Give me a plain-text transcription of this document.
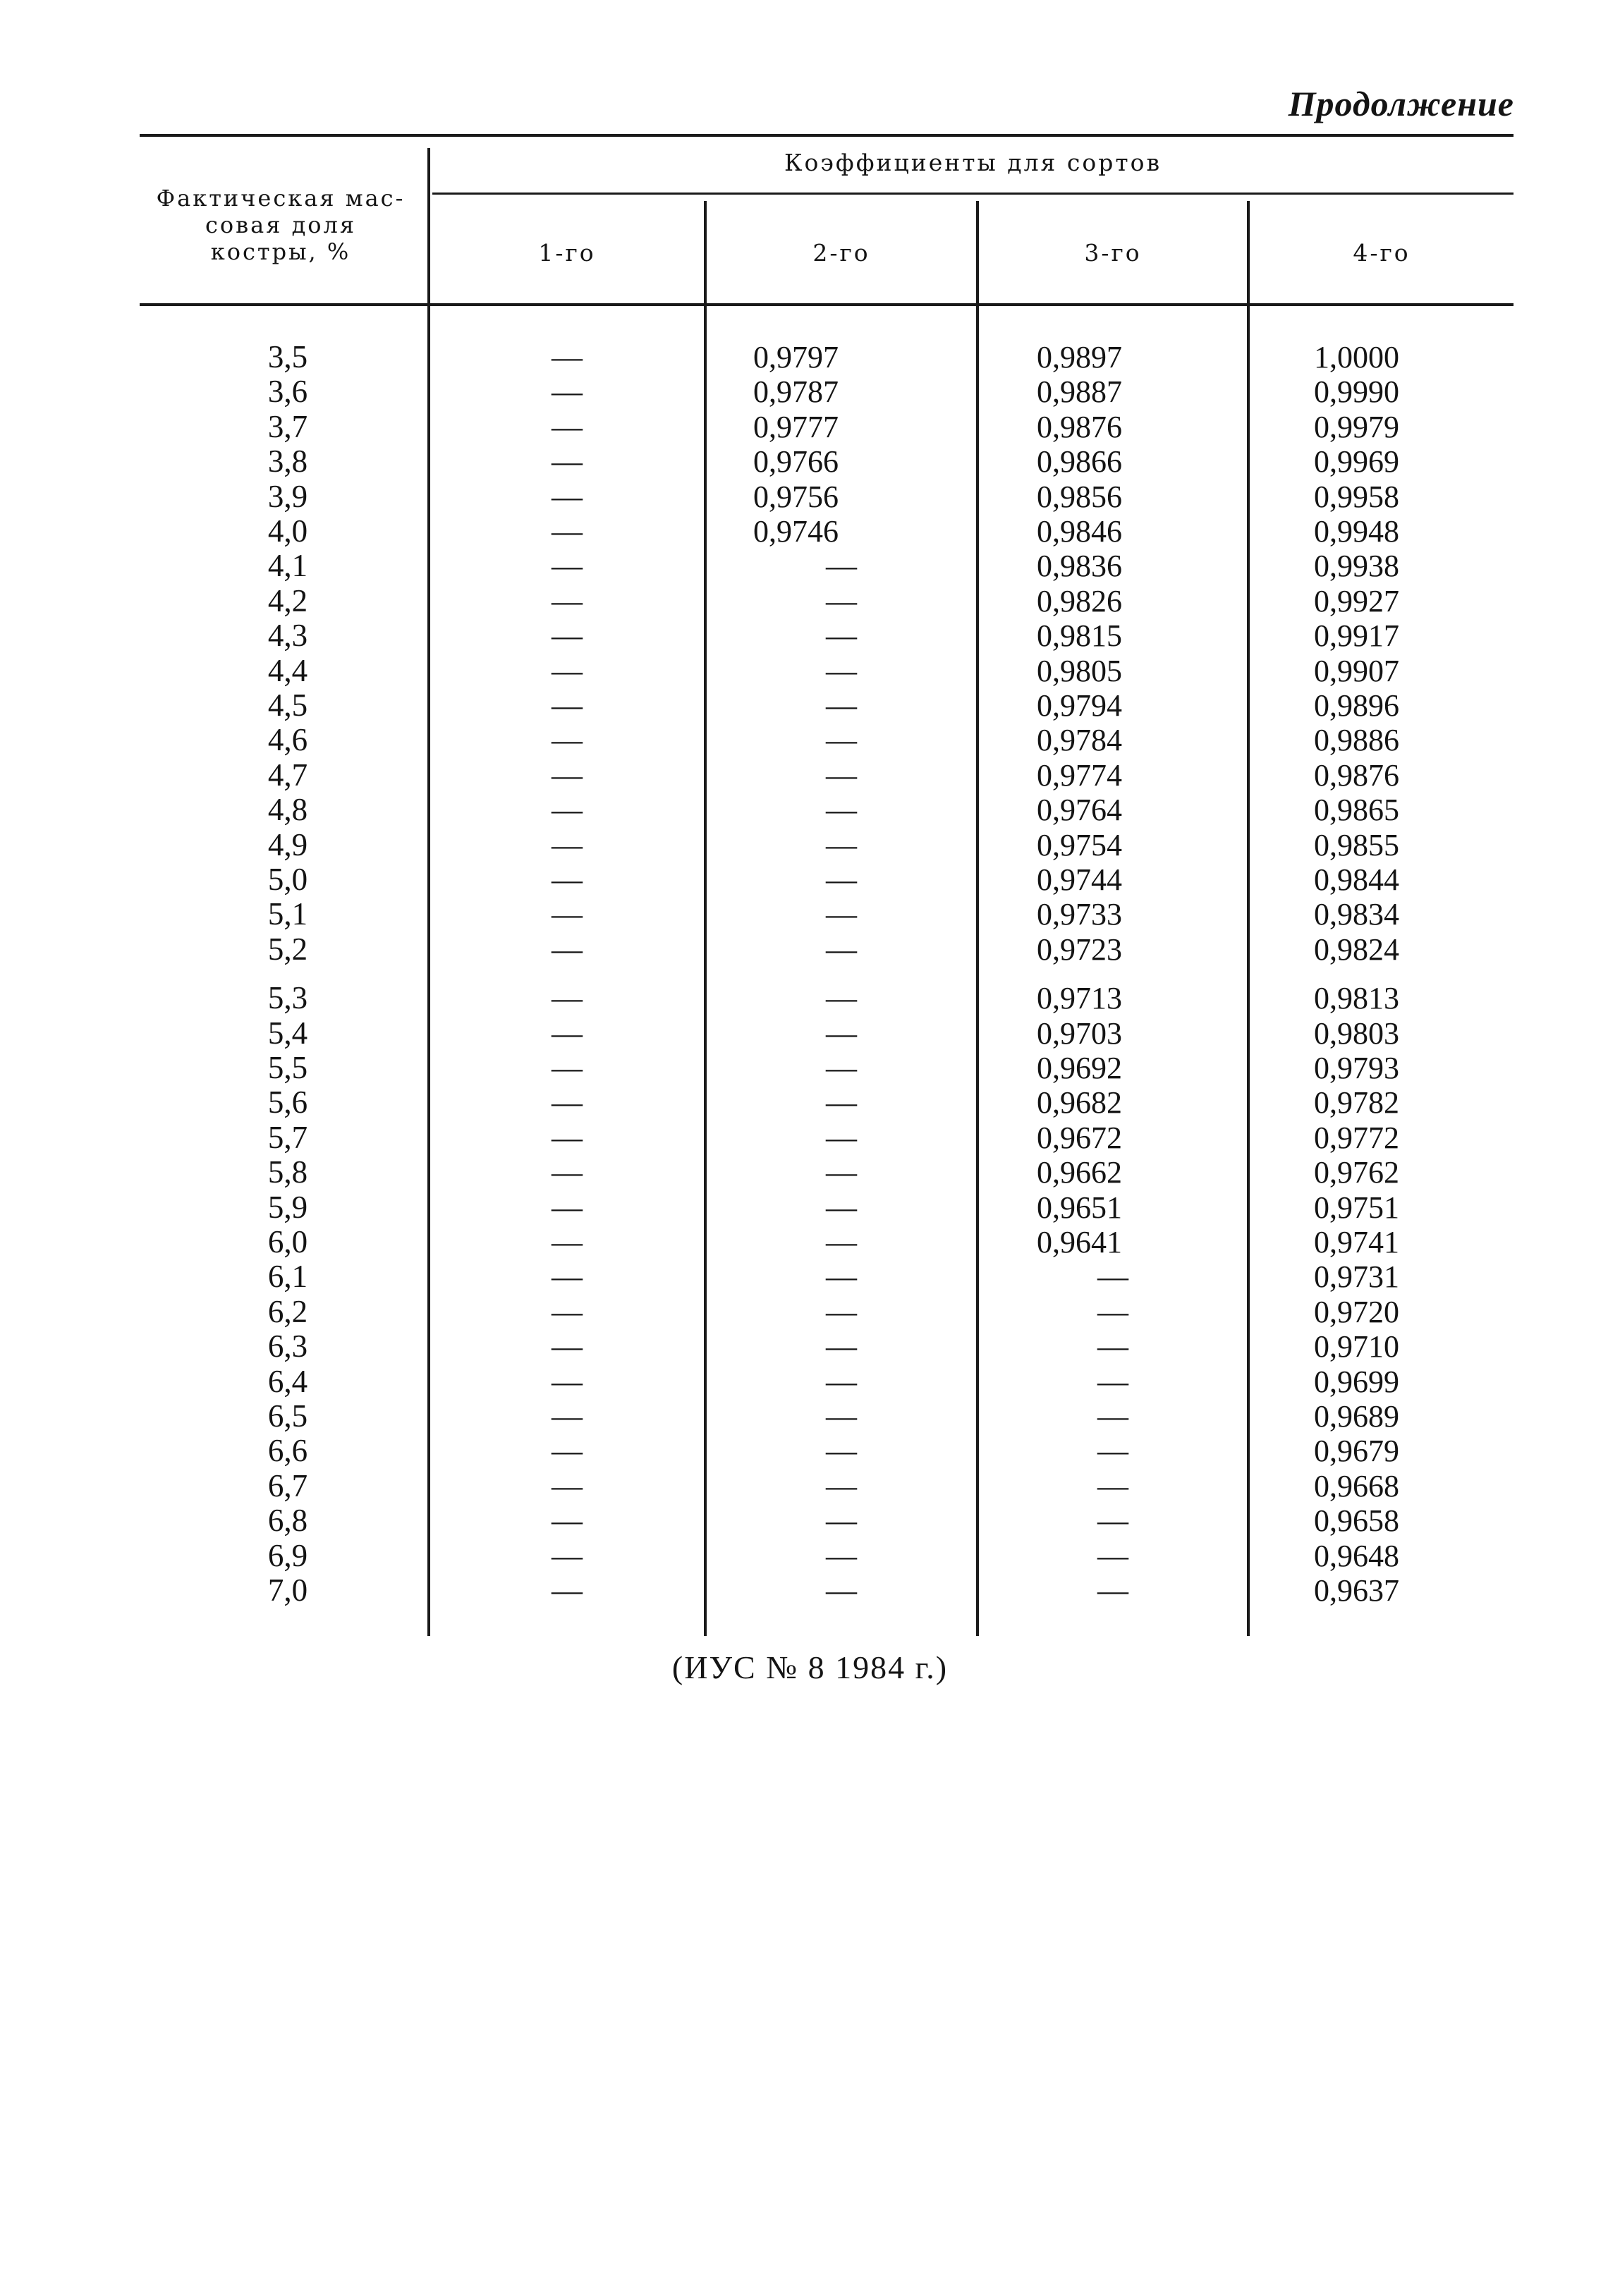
Продолжение
Фактическая мас-
совая доля
костры, %
Коэффициенты для сортов
1-го	2-го	3-го	4-го
3,5	—	0,9797	0,9897	1,0000
3,6	—	0,9787	0,9887	0,9990
3,7	—	0,9777	0,9876	0,9979
3,8	—	0,9766	0,9866	0,9969
3,9	—	0,9756	0,9856	0,9958
4,0	—	0,9746	0,9846	0,9948
4,1	—	—	0,9836	0,9938
4,2	—	—	0,9826	0,9927
4,3	—	—	0,9815	0,9917
4,4	—	—	0,9805	0,9907
4,5	—	—	0,9794	0,9896
4,6	—	—	0,9784	0,9886
4,7	—	—	0,9774	0,9876
4,8	—	—	0,9764	0,9865
4,9	—	—	0,9754	0,9855
5,0	—	—	0,9744	0,9844
5,1	—	—	0,9733	0,9834
5,2	—	—	0,9723	0,9824
5,3	—	—	0,9713	0,9813
5,4	—	—	0,9703	0,9803
5,5	—	—	0,9692	0,9793
5,6	—	—	0,9682	0,9782
5,7	—	—	0,9672	0,9772
5,8	—	—	0,9662	0,9762
5,9	—	—	0,9651	0,9751
6,0	—	—	0,9641	0,9741
6,1	—	—	—	0,9731
6,2	—	—	—	0,9720
6,3	—	—	—	0,9710
6,4	—	—	—	0,9699
6,5	—	—	—	0,9689
6,6	—	—	—	0,9679
6,7	—	—	—	0,9668
6,8	—	—	—	0,9658
6,9	—	—	—	0,9648
7,0	—	—	—	0,9637
(ИУС № 8 1984 г.)
